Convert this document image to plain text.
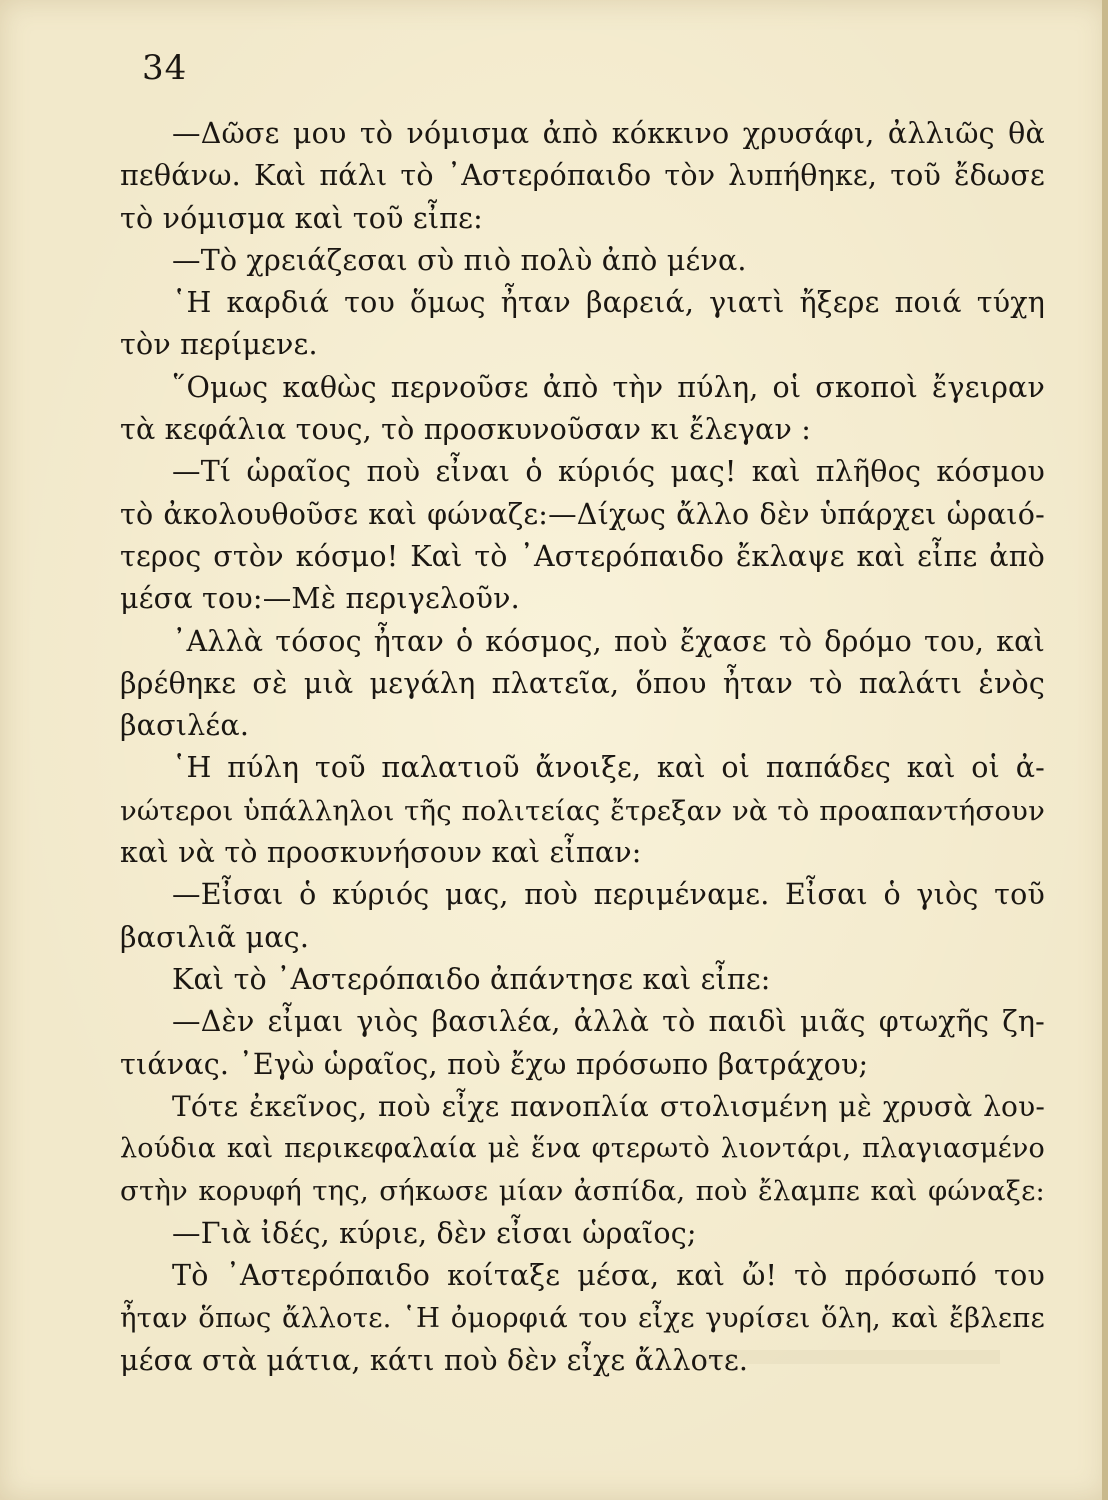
34
—Δῶσε μου τὸ νόμισμα ἀπὸ κόκκινο χρυσάφι, ἀλλιῶς θὰ
πεθάνω. Καὶ πάλι τὸ ᾿Αστερόπαιδο τὸν λυπήθηκε, τοῦ ἔδωσε
τὸ νόμισμα καὶ τοῦ εἶπε:
—Τὸ χρειάζεσαι σὺ πιὸ πολὺ ἀπὸ μένα.
῾Η καρδιά του ὅμως ἦταν βαρειά, γιατὶ ἤξερε ποιά τύχη
τὸν περίμενε.
῞Ομως καθὼς περνοῦσε ἀπὸ τὴν πύλη, οἱ σκοποὶ ἔγειραν
τὰ κεφάλια τους, τὸ προσκυνοῦσαν κι ἔλεγαν :
—Τί ὡραῖος ποὺ εἶναι ὁ κύριός μας! καὶ πλῆθος κόσμου
τὸ ἀκολουθοῦσε καὶ φώναζε:—Δίχως ἄλλο δὲν ὑπάρχει ὡραιό-
τερος στὸν κόσμο! Καὶ τὸ ᾿Αστερόπαιδο ἔκλαψε καὶ εἶπε ἀπὸ
μέσα του:—Μὲ περιγελοῦν.
᾿Αλλὰ τόσος ἦταν ὁ κόσμος, ποὺ ἔχασε τὸ δρόμο του, καὶ
βρέθηκε σὲ μιὰ μεγάλη πλατεῖα, ὅπου ἦταν τὸ παλάτι ἑνὸς
βασιλέα.
῾Η πύλη τοῦ παλατιοῦ ἄνοιξε, καὶ οἱ παπάδες καὶ οἱ ἀ-
νώτεροι ὑπάλληλοι τῆς πολιτείας ἔτρεξαν νὰ τὸ προαπαντήσουν
καὶ νὰ τὸ προσκυνήσουν καὶ εἶπαν:
—Εἶσαι ὁ κύριός μας, ποὺ περιμέναμε. Εἶσαι ὁ γιὸς τοῦ
βασιλιᾶ μας.
Καὶ τὸ ᾿Αστερόπαιδο ἀπάντησε καὶ εἶπε:
—Δὲν εἶμαι γιὸς βασιλέα, ἀλλὰ τὸ παιδὶ μιᾶς φτωχῆς ζη-
τιάνας. ᾿Εγὼ ὡραῖος, ποὺ ἔχω πρόσωπο βατράχου;
Τότε ἐκεῖνος, ποὺ εἶχε πανοπλία στολισμένη μὲ χρυσὰ λου-
λούδια καὶ περικεφαλαία μὲ ἕνα φτερωτὸ λιοντάρι, πλαγιασμένο
στὴν κορυφή της, σήκωσε μίαν ἀσπίδα, ποὺ ἔλαμπε καὶ φώναξε:
—Γιὰ ἰδές, κύριε, δὲν εἶσαι ὡραῖος;
Τὸ ᾿Αστερόπαιδο κοίταξε μέσα, καὶ ὤ! τὸ πρόσωπό του
ἦταν ὅπως ἄλλοτε. ῾Η ὀμορφιά του εἶχε γυρίσει ὅλη, καὶ ἔβλεπε
μέσα στὰ μάτια, κάτι ποὺ δὲν εἶχε ἄλλοτε.
